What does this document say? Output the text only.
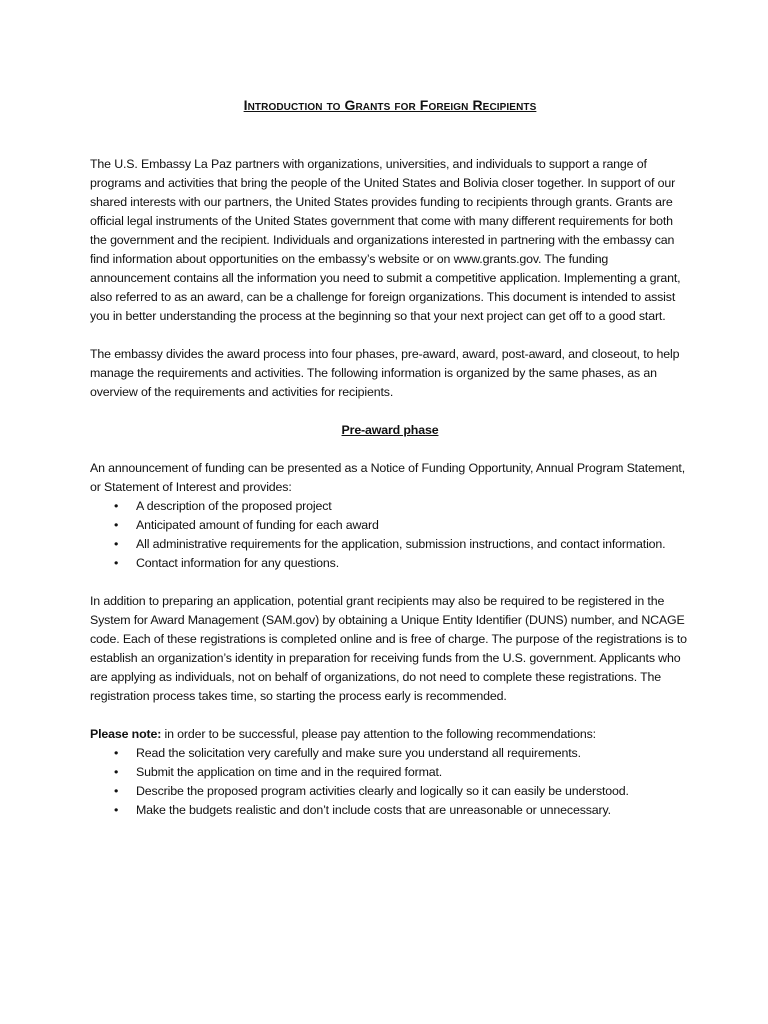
Introduction to Grants for Foreign Recipients

The U.S. Embassy La Paz partners with organizations, universities, and individuals to support a range of programs and activities that bring the people of the United States and Bolivia closer together. In support of our shared interests with our partners, the United States provides funding to recipients through grants. Grants are official legal instruments of the United States government that come with many different requirements for both the government and the recipient. Individuals and organizations interested in partnering with the embassy can find information about opportunities on the embassy’s website or on www.grants.gov. The funding announcement contains all the information you need to submit a competitive application. Implementing a grant, also referred to as an award, can be a challenge for foreign organizations. This document is intended to assist you in better understanding the process at the beginning so that your next project can get off to a good start.

The embassy divides the award process into four phases, pre-award, award, post-award, and closeout, to help manage the requirements and activities. The following information is organized by the same phases, as an overview of the requirements and activities for recipients.

Pre-award phase

An announcement of funding can be presented as a Notice of Funding Opportunity, Annual Program Statement, or Statement of Interest and provides:

• A description of the proposed project
• Anticipated amount of funding for each award
• All administrative requirements for the application, submission instructions, and contact information.
• Contact information for any questions.

In addition to preparing an application, potential grant recipients may also be required to be registered in the System for Award Management (SAM.gov) by obtaining a Unique Entity Identifier (DUNS) number, and NCAGE code. Each of these registrations is completed online and is free of charge. The purpose of the registrations is to establish an organization’s identity in preparation for receiving funds from the U.S. government. Applicants who are applying as individuals, not on behalf of organizations, do not need to complete these registrations. The registration process takes time, so starting the process early is recommended.

Please note: in order to be successful, please pay attention to the following recommendations:

• Read the solicitation very carefully and make sure you understand all requirements.
• Submit the application on time and in the required format.
• Describe the proposed program activities clearly and logically so it can easily be understood.
• Make the budgets realistic and don’t include costs that are unreasonable or unnecessary.
